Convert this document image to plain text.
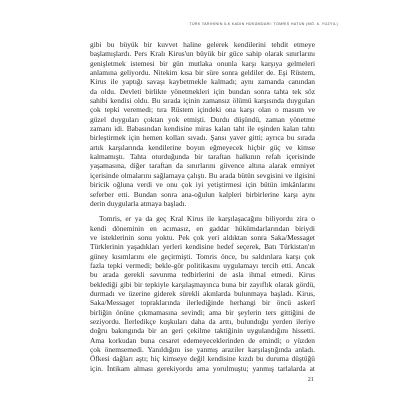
TÜRK TARİHİNİN İLK KADIN HÜKÜMDARI: TOMRİS HATUN (MÖ. 6. YÜZYIL)
gibi bu büyük bir kuvvet haline gelerek kendilerini tehdit etmeye
başlamışlardı. Pers Kralı Kirus'un büyük bir güce sahip olarak sınırlarını
genişletmek istemesi bir gün mutlaka onunla karşı karşıya gelmeleri
anlamına geliyordu. Nitekim kısa bir süre sonra geldiler de. Eşi Rüstem,
Kirus ile yaptığı savaşı kaybetmekle kalmadı; aynı zamanda canından
da oldu. Devleti birlikte yönetmekleri için bundan sonra tahta tek söz
sahibi kendisi oldu. Bu sırada içinin zamansız ölümü karşısında duyguları
çok tepki veremedi; tıra Rüstem içindeki ona karşı olan o masum ve
güzel duyguları çoktan yok etmişti. Durdu düşündü, zaman yönetme
zamanı idi. Babasından kendisine miras kalan taht ile eşinden kalan tahtı
birleştirmek için hemen kolları sıvadı. Şansı yaver gitti; ayrıca bu sırada
artık karşılarında kendilerine boyun eğmeyecek hiçbir güç ve kimse
kalmamıştı. Tahta oturduğunda bir taraftan halkının refah içerisinde
yaşamasına, diğer taraftan da sınırlarını güvence altına alarak emniyet
içerisinde olmalarını sağlamaya çalıştı. Bu arada bütün sevgisini ve ilgisini
biricik oğluna verdi ve onu çok iyi yetiştirmesi için bütün imkânlarını
seferber etti. Bundan sonra ana-oğulun kalpleri birbirlerine karşı aynı
derin duygularla atmaya başladı.
Tomris, er ya da geç Kral Kirus ile karşılaşacağını biliyordu zira o
kendi döneminin en acımasız, en gaddar hükümdarlarından biriydi
ve isteklerinin sonu yoktu. Pek çok yeri aldıktan sonra Saka/Messaget
Türklerinin yaşadıkları yerleri kendisine hedef seçerek, Batı Türkistan'ın
güney kısımlarını ele geçirmişti. Tomris önce, bu saldırılara karşı çok
fazla tepki vermedi; bekle-gör politikasını uygulamayı tercih etti. Ancak
bu arada gerekli savunma tedbirlerini de asla ihmal etmedi. Kirus
beklediği gibi bir tepkiyle karşılaşmayınca buna bir zayıflık olarak gördü,
durmadı ve üzerine giderek sürekli akınlarda bulunmaya başladı. Kirus,
Saka/Messaget topraklarında ilerlediğinde herhangi bir öncü askerî
birliğin önüne çıkmamasına sevindi; ama bir şeylerin ters gittiğini de
seziyordu. İlerledikçe kuşkuları daha da arttı, bulunduğu yerden ileriye
doğru bakıngında bir an geri çekilme taktiğinin uygulandığını hissetti.
Ama korkudan buna cesaret edemeyeceklerinden de emindi; o yüzden
çok önemsemedi. Yanıldığını ise yanmış araziler karşılaştığında anladı.
Öfkesi dağları aştı; hiç kimseye değil kendisine kızdı bu duruma düştüğü
için. İntikam alması gerekiyordu ama yorulmuştu; yanmış tarlalarda at
21
